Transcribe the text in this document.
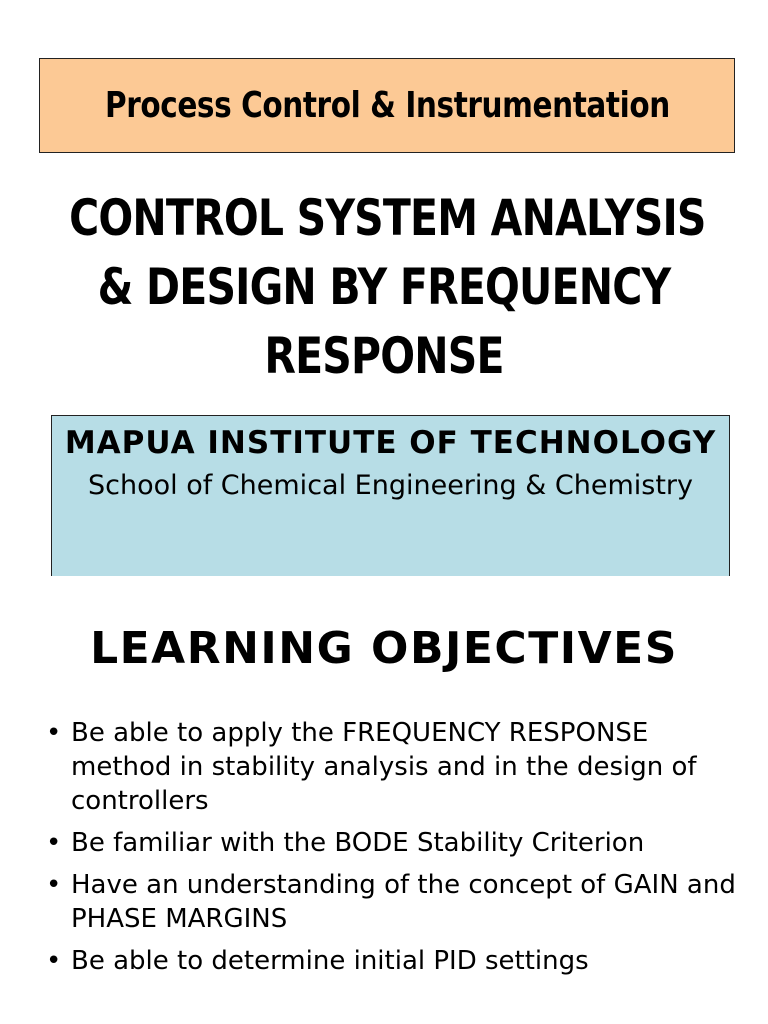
Process Control & Instrumentation
CONTROL SYSTEM ANALYSIS
& DESIGN BY FREQUENCY
RESPONSE
MAPUA INSTITUTE OF TECHNOLOGY
School of Chemical Engineering & Chemistry
LEARNING OBJECTIVES
• Be able to apply the FREQUENCY RESPONSE method in stability analysis and in the design of controllers
• Be familiar with the BODE Stability Criterion
• Have an understanding of the concept of GAIN and PHASE MARGINS
• Be able to determine initial PID settings
